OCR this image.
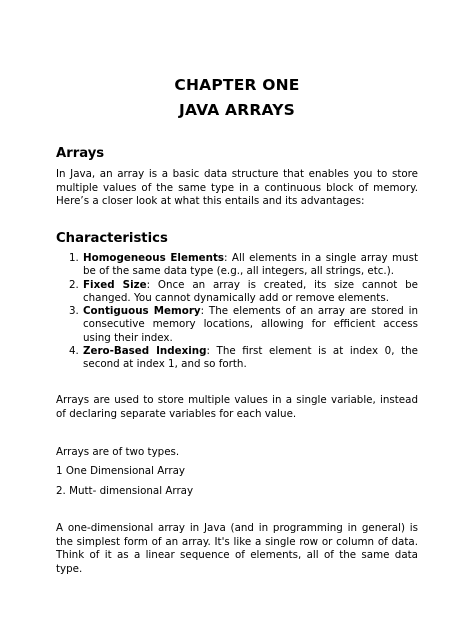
CHAPTER ONE
JAVA ARRAYS
Arrays
In Java, an array is a basic data structure that enables you to store multiple values of the same type in a continuous block of memory. Here’s a closer look at what this entails and its advantages:
Characteristics
1. Homogeneous Elements: All elements in a single array must be of the same data type (e.g., all integers, all strings, etc.).
2. Fixed Size: Once an array is created, its size cannot be changed. You cannot dynamically add or remove elements.
3. Contiguous Memory: The elements of an array are stored in consecutive memory locations, allowing for efficient access using their index.
4. Zero-Based Indexing: The first element is at index 0, the second at index 1, and so forth.
Arrays are used to store multiple values in a single variable, instead of declaring separate variables for each value.
Arrays are of two types.
1 One Dimensional Array
2. Mutt- dimensional Array
A one-dimensional array in Java (and in programming in general) is the simplest form of an array. It's like a single row or column of data. Think of it as a linear sequence of elements, all of the same data type.
